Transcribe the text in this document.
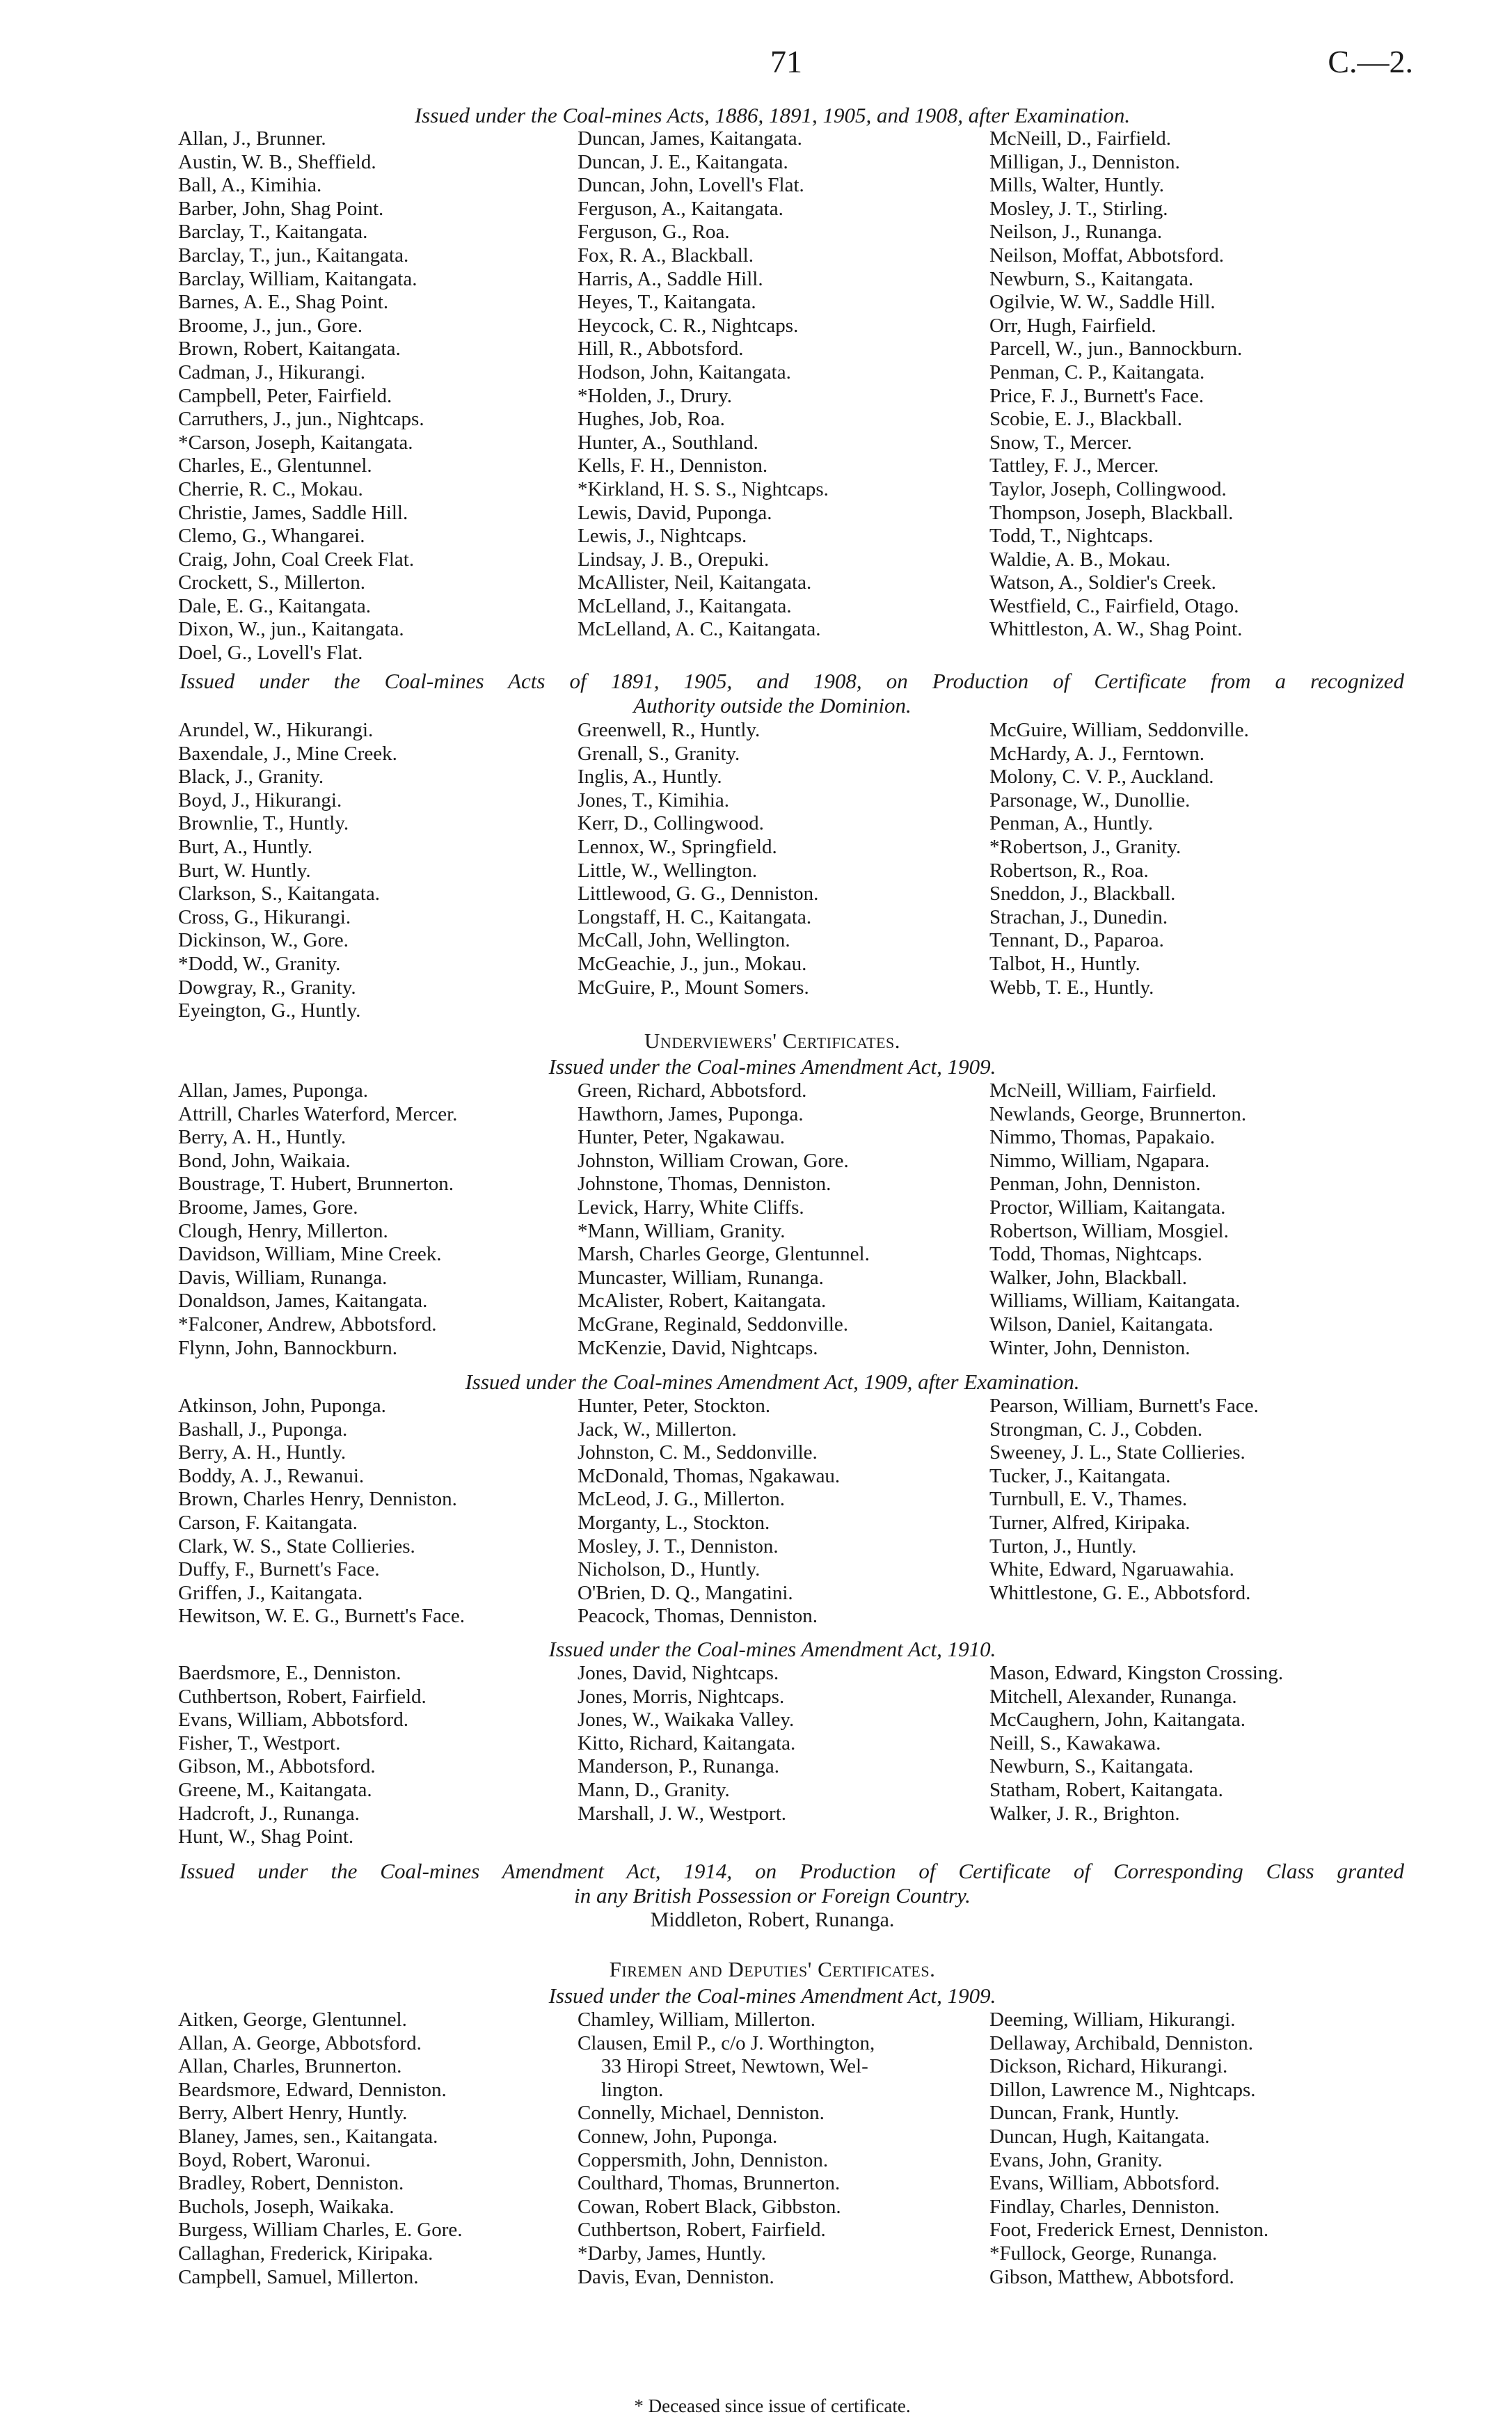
71	C.—2.
Issued under the Coal-mines Acts, 1886, 1891, 1905, and 1908, after Examination.
Allan, J., Brunner.
Austin, W. B., Sheffield.
Ball, A., Kimihia.
Barber, John, Shag Point.
Barclay, T., Kaitangata.
Barclay, T., jun., Kaitangata.
Barclay, William, Kaitangata.
Barnes, A. E., Shag Point.
Broome, J., jun., Gore.
Brown, Robert, Kaitangata.
Cadman, J., Hikurangi.
Campbell, Peter, Fairfield.
Carruthers, J., jun., Nightcaps.
*Carson, Joseph, Kaitangata.
Charles, E., Glentunnel.
Cherrie, R. C., Mokau.
Christie, James, Saddle Hill.
Clemo, G., Whangarei.
Craig, John, Coal Creek Flat.
Crockett, S., Millerton.
Dale, E. G., Kaitangata.
Dixon, W., jun., Kaitangata.
Doel, G., Lovell's Flat.
Duncan, James, Kaitangata.
Duncan, J. E., Kaitangata.
Duncan, John, Lovell's Flat.
Ferguson, A., Kaitangata.
Ferguson, G., Roa.
Fox, R. A., Blackball.
Harris, A., Saddle Hill.
Heyes, T., Kaitangata.
Heycock, C. R., Nightcaps.
Hill, R., Abbotsford.
Hodson, John, Kaitangata.
*Holden, J., Drury.
Hughes, Job, Roa.
Hunter, A., Southland.
Kells, F. H., Denniston.
*Kirkland, H. S. S., Nightcaps.
Lewis, David, Puponga.
Lewis, J., Nightcaps.
Lindsay, J. B., Orepuki.
McAllister, Neil, Kaitangata.
McLelland, J., Kaitangata.
McLelland, A. C., Kaitangata.
McNeill, D., Fairfield.
Milligan, J., Denniston.
Mills, Walter, Huntly.
Mosley, J. T., Stirling.
Neilson, J., Runanga.
Neilson, Moffat, Abbotsford.
Newburn, S., Kaitangata.
Ogilvie, W. W., Saddle Hill.
Orr, Hugh, Fairfield.
Parcell, W., jun., Bannockburn.
Penman, C. P., Kaitangata.
Price, F. J., Burnett's Face.
Scobie, E. J., Blackball.
Snow, T., Mercer.
Tattley, F. J., Mercer.
Taylor, Joseph, Collingwood.
Thompson, Joseph, Blackball.
Todd, T., Nightcaps.
Waldie, A. B., Mokau.
Watson, A., Soldier's Creek.
Westfield, C., Fairfield, Otago.
Whittleston, A. W., Shag Point.
Issued under the Coal-mines Acts of 1891, 1905, and 1908, on Production of Certificate from a recognized
Authority outside the Dominion.
Arundel, W., Hikurangi.
Baxendale, J., Mine Creek.
Black, J., Granity.
Boyd, J., Hikurangi.
Brownlie, T., Huntly.
Burt, A., Huntly.
Burt, W. Huntly.
Clarkson, S., Kaitangata.
Cross, G., Hikurangi.
Dickinson, W., Gore.
*Dodd, W., Granity.
Dowgray, R., Granity.
Eyeington, G., Huntly.
Greenwell, R., Huntly.
Grenall, S., Granity.
Inglis, A., Huntly.
Jones, T., Kimihia.
Kerr, D., Collingwood.
Lennox, W., Springfield.
Little, W., Wellington.
Littlewood, G. G., Denniston.
Longstaff, H. C., Kaitangata.
McCall, John, Wellington.
McGeachie, J., jun., Mokau.
McGuire, P., Mount Somers.
McGuire, William, Seddonville.
McHardy, A. J., Ferntown.
Molony, C. V. P., Auckland.
Parsonage, W., Dunollie.
Penman, A., Huntly.
*Robertson, J., Granity.
Robertson, R., Roa.
Sneddon, J., Blackball.
Strachan, J., Dunedin.
Tennant, D., Paparoa.
Talbot, H., Huntly.
Webb, T. E., Huntly.
Underviewers' Certificates.
Issued under the Coal-mines Amendment Act, 1909.
Allan, James, Puponga.
Attrill, Charles Waterford, Mercer.
Berry, A. H., Huntly.
Bond, John, Waikaia.
Boustrage, T. Hubert, Brunnerton.
Broome, James, Gore.
Clough, Henry, Millerton.
Davidson, William, Mine Creek.
Davis, William, Runanga.
Donaldson, James, Kaitangata.
*Falconer, Andrew, Abbotsford.
Flynn, John, Bannockburn.
Green, Richard, Abbotsford.
Hawthorn, James, Puponga.
Hunter, Peter, Ngakawau.
Johnston, William Crowan, Gore.
Johnstone, Thomas, Denniston.
Levick, Harry, White Cliffs.
*Mann, William, Granity.
Marsh, Charles George, Glentunnel.
Muncaster, William, Runanga.
McAlister, Robert, Kaitangata.
McGrane, Reginald, Seddonville.
McKenzie, David, Nightcaps.
McNeill, William, Fairfield.
Newlands, George, Brunnerton.
Nimmo, Thomas, Papakaio.
Nimmo, William, Ngapara.
Penman, John, Denniston.
Proctor, William, Kaitangata.
Robertson, William, Mosgiel.
Todd, Thomas, Nightcaps.
Walker, John, Blackball.
Williams, William, Kaitangata.
Wilson, Daniel, Kaitangata.
Winter, John, Denniston.
Issued under the Coal-mines Amendment Act, 1909, after Examination.
Atkinson, John, Puponga.
Bashall, J., Puponga.
Berry, A. H., Huntly.
Boddy, A. J., Rewanui.
Brown, Charles Henry, Denniston.
Carson, F. Kaitangata.
Clark, W. S., State Collieries.
Duffy, F., Burnett's Face.
Griffen, J., Kaitangata.
Hewitson, W. E. G., Burnett's Face.
Hunter, Peter, Stockton.
Jack, W., Millerton.
Johnston, C. M., Seddonville.
McDonald, Thomas, Ngakawau.
McLeod, J. G., Millerton.
Morganty, L., Stockton.
Mosley, J. T., Denniston.
Nicholson, D., Huntly.
O'Brien, D. Q., Mangatini.
Peacock, Thomas, Denniston.
Pearson, William, Burnett's Face.
Strongman, C. J., Cobden.
Sweeney, J. L., State Collieries.
Tucker, J., Kaitangata.
Turnbull, E. V., Thames.
Turner, Alfred, Kiripaka.
Turton, J., Huntly.
White, Edward, Ngaruawahia.
Whittlestone, G. E., Abbotsford.
Issued under the Coal-mines Amendment Act, 1910.
Baerdsmore, E., Denniston.
Cuthbertson, Robert, Fairfield.
Evans, William, Abbotsford.
Fisher, T., Westport.
Gibson, M., Abbotsford.
Greene, M., Kaitangata.
Hadcroft, J., Runanga.
Hunt, W., Shag Point.
Jones, David, Nightcaps.
Jones, Morris, Nightcaps.
Jones, W., Waikaka Valley.
Kitto, Richard, Kaitangata.
Manderson, P., Runanga.
Mann, D., Granity.
Marshall, J. W., Westport.
Mason, Edward, Kingston Crossing.
Mitchell, Alexander, Runanga.
McCaughern, John, Kaitangata.
Neill, S., Kawakawa.
Newburn, S., Kaitangata.
Statham, Robert, Kaitangata.
Walker, J. R., Brighton.
Issued under the Coal-mines Amendment Act, 1914, on Production of Certificate of Corresponding Class granted
in any British Possession or Foreign Country.
Middleton, Robert, Runanga.
Firemen and Deputies' Certificates.
Issued under the Coal-mines Amendment Act, 1909.
Aitken, George, Glentunnel.
Allan, A. George, Abbotsford.
Allan, Charles, Brunnerton.
Beardsmore, Edward, Denniston.
Berry, Albert Henry, Huntly.
Blaney, James, sen., Kaitangata.
Boyd, Robert, Waronui.
Bradley, Robert, Denniston.
Buchols, Joseph, Waikaka.
Burgess, William Charles, E. Gore.
Callaghan, Frederick, Kiripaka.
Campbell, Samuel, Millerton.
Chamley, William, Millerton.
Clausen, Emil P., c/o J. Worthington,
33 Hiropi Street, Newtown, Wel-
lington.
Connelly, Michael, Denniston.
Connew, John, Puponga.
Coppersmith, John, Denniston.
Coulthard, Thomas, Brunnerton.
Cowan, Robert Black, Gibbston.
Cuthbertson, Robert, Fairfield.
*Darby, James, Huntly.
Davis, Evan, Denniston.
Deeming, William, Hikurangi.
Dellaway, Archibald, Denniston.
Dickson, Richard, Hikurangi.
Dillon, Lawrence M., Nightcaps.
Duncan, Frank, Huntly.
Duncan, Hugh, Kaitangata.
Evans, John, Granity.
Evans, William, Abbotsford.
Findlay, Charles, Denniston.
Foot, Frederick Ernest, Denniston.
*Fullock, George, Runanga.
Gibson, Matthew, Abbotsford.
* Deceased since issue of certificate.
